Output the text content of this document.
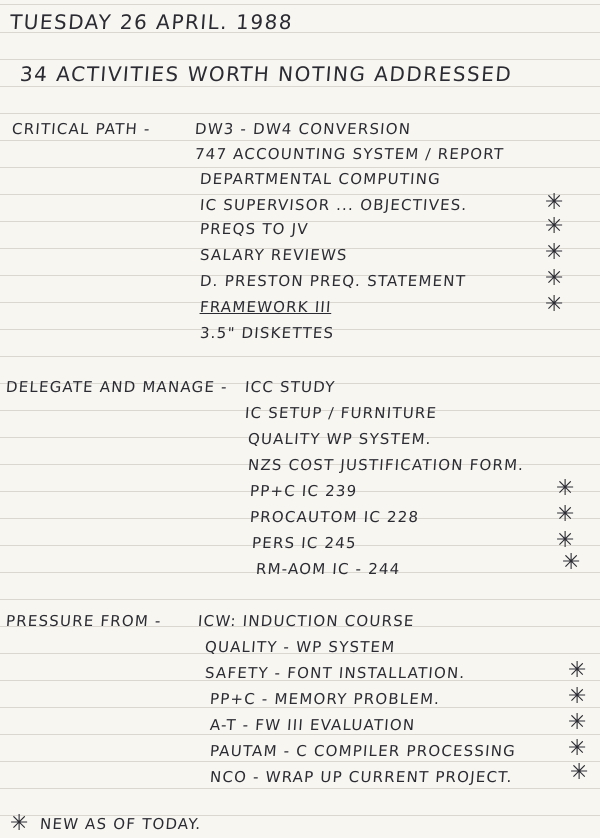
TUESDAY 26 APRIL. 1988
34 ACTIVITIES WORTH NOTING ADDRESSED
CRITICAL PATH -	DW3 - DW4 CONVERSION
747 ACCOUNTING SYSTEM / REPORT
DEPARTMENTAL COMPUTING
IC SUPERVISOR ... OBJECTIVES.	✳
PREQS TO JV	✳
SALARY REVIEWS	✳
D. PRESTON PREQ. STATEMENT	✳
FRAMEWORK III	✳
3.5" DISKETTES
DELEGATE AND MANAGE - ICC STUDY
IC SETUP / FURNITURE
QUALITY WP SYSTEM.
NZS COST JUSTIFICATION FORM.
PP+C IC 239	✳
PROCAUTOM IC 228	✳
PERS IC 245	✳
RM-AOM IC - 244	✳
PRESSURE FROM - ICW: INDUCTION COURSE
QUALITY - WP SYSTEM
SAFETY - FONT INSTALLATION.	✳
PP+C - MEMORY PROBLEM.	✳
A-T - FW III EVALUATION	✳
PAUTAM - C COMPILER PROCESSING ✳
NCO - WRAP UP CURRENT PROJECT.	✳
✳ NEW AS OF TODAY.
